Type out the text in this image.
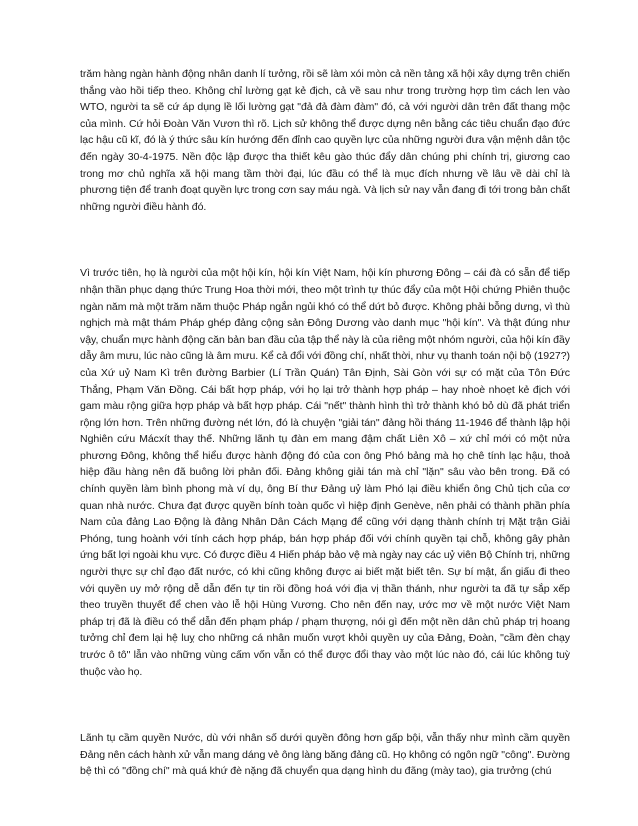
trăm hàng ngàn hành động nhân danh lí tưởng, rồi sẽ làm xói mòn cả nền tảng xã hội xây dựng trên chiến thắng vào hồi tiếp theo. Không chỉ lường gạt kẻ địch, cả về sau như trong trường hợp tìm cách len vào WTO, người ta sẽ cứ áp dụng lề lối lường gạt "đả đả đàm đàm" đó, cả với người dân trên đất thang mộc của mình. Cứ hỏi Đoàn Văn Vươn thì rõ. Lịch sử không thể được dựng nên bằng các tiêu chuẩn đạo đức lạc hậu cũ kĩ, đó là ý thức sâu kín hướng đến đỉnh cao quyền lực của những người đưa vận mệnh dân tộc đến ngày 30-4-1975. Nền độc lập được tha thiết kêu gào thúc đẩy dân chúng phi chính trị, giương cao trong mơ chủ nghĩa xã hội mang tầm thời đại, lúc đầu có thể là mục đích nhưng về lâu về dài chỉ là phương tiện để tranh đoạt quyền lực trong cơn say máu ngà. Và lịch sử nay vẫn đang đi tới trong bản chất những người điều hành đó.

Vì trước tiên, họ là người của một hội kín, hội kín Việt Nam, hội kín phương Đông – cái đà có sẵn để tiếp nhận thần phục dạng thức Trung Hoa thời mới, theo một trình tự thúc đẩy của một Hội chứng Phiên thuộc ngàn năm mà một trăm năm thuộc Pháp ngắn ngủi khó có thể dứt bỏ được. Không phải bỗng dưng, vì thù nghịch mà mật thám Pháp ghép đảng cộng sản Đông Dương vào danh mục "hội kín". Và thật đúng như vậy, chuẩn mực hành động căn bản ban đầu của tập thể này là của riêng một nhóm người, của hội kín đầy dẫy âm mưu, lúc nào cũng là âm mưu. Kể cả đổi với đồng chí, nhất thời, như vụ thanh toán nội bộ (1927?) của Xứ uỷ Nam Kì trên đường Barbier (Lí Trần Quán) Tân Định, Sài Gòn với sự có mặt của Tôn Đức Thắng, Phạm Văn Đồng. Cái bất hợp pháp, với họ lại trở thành hợp pháp – hay nhoè nhoẹt kẻ địch với gam màu rộng giữa hợp pháp và bất hợp pháp. Cái "nết" thành hình thì trở thành khó bỏ dù đã phát triển rộng lớn hơn. Trên những đường nét lớn, đó là chuyện "giải tán" đảng hồi tháng 11-1946 để thành lập hội Nghiên cứu Mácxít thay thế. Những lãnh tụ đàn em mang đậm chất Liên Xô – xứ chỉ mới có một nửa phương Đông, không thể hiểu được hành động đó của con ông Phó bảng mà họ chê tính lạc hậu, thoả hiệp đầu hàng nên đã buông lời phản đối. Đảng không giải tán mà chỉ "lặn" sâu vào bên trong. Đã có chính quyền làm bình phong mà ví dụ, ông Bí thư Đảng uỷ làm Phó lại điều khiển ông Chủ tịch của cơ quan nhà nước. Chưa đạt được quyền bính toàn quốc vì hiệp định Genève, nên phải có thành phần phía Nam của đảng Lao Động là đảng Nhân Dân Cách Mạng để cũng với dạng thành chính trị Mặt trận Giải Phóng, tung hoành với tính cách hợp pháp, bán hợp pháp đối với chính quyền tại chỗ, không gây phản ứng bất lợi ngoài khu vực. Có được điều 4 Hiến pháp bảo vệ mà ngày nay các uỷ viên Bộ Chính trị, những người thực sự chỉ đạo đất nước, có khi cũng không được ai biết mặt biết tên. Sự bí mật, ẩn giấu đi theo với quyền uy mở rộng dễ dẫn đến tự tin rồi đồng hoá với địa vị thần thánh, như người ta đã tự sắp xếp theo truyền thuyết để chen vào lễ hội Hùng Vương. Cho nên đến nay, ước mơ về một nước Việt Nam pháp trị đã là điều có thể dẫn đến phạm pháp / phạm thượng, nói gì đến một nền dân chủ pháp trị hoang tưởng chỉ đem lại hệ luỵ cho những cá nhân muốn vượt khỏi quyền uy của Đảng, Đoàn, "cầm đèn chạy trước ô tô" lẫn vào những vùng cấm vốn vẫn có thể được đổi thay vào một lúc nào đó, cái lúc không tuỳ thuộc vào họ.

Lãnh tụ cầm quyền Nước, dù với nhân số dưới quyền đông hơn gấp bội, vẫn thấy như mình cầm quyền Đảng nên cách hành xử vẫn mang dáng vẻ ông làng băng đảng cũ. Họ không có ngôn ngữ "công". Đường bệ thì có "đồng chí" mà quá khứ đè nặng đã chuyển qua dạng hình du đãng (mày tao), gia trưởng (chú
